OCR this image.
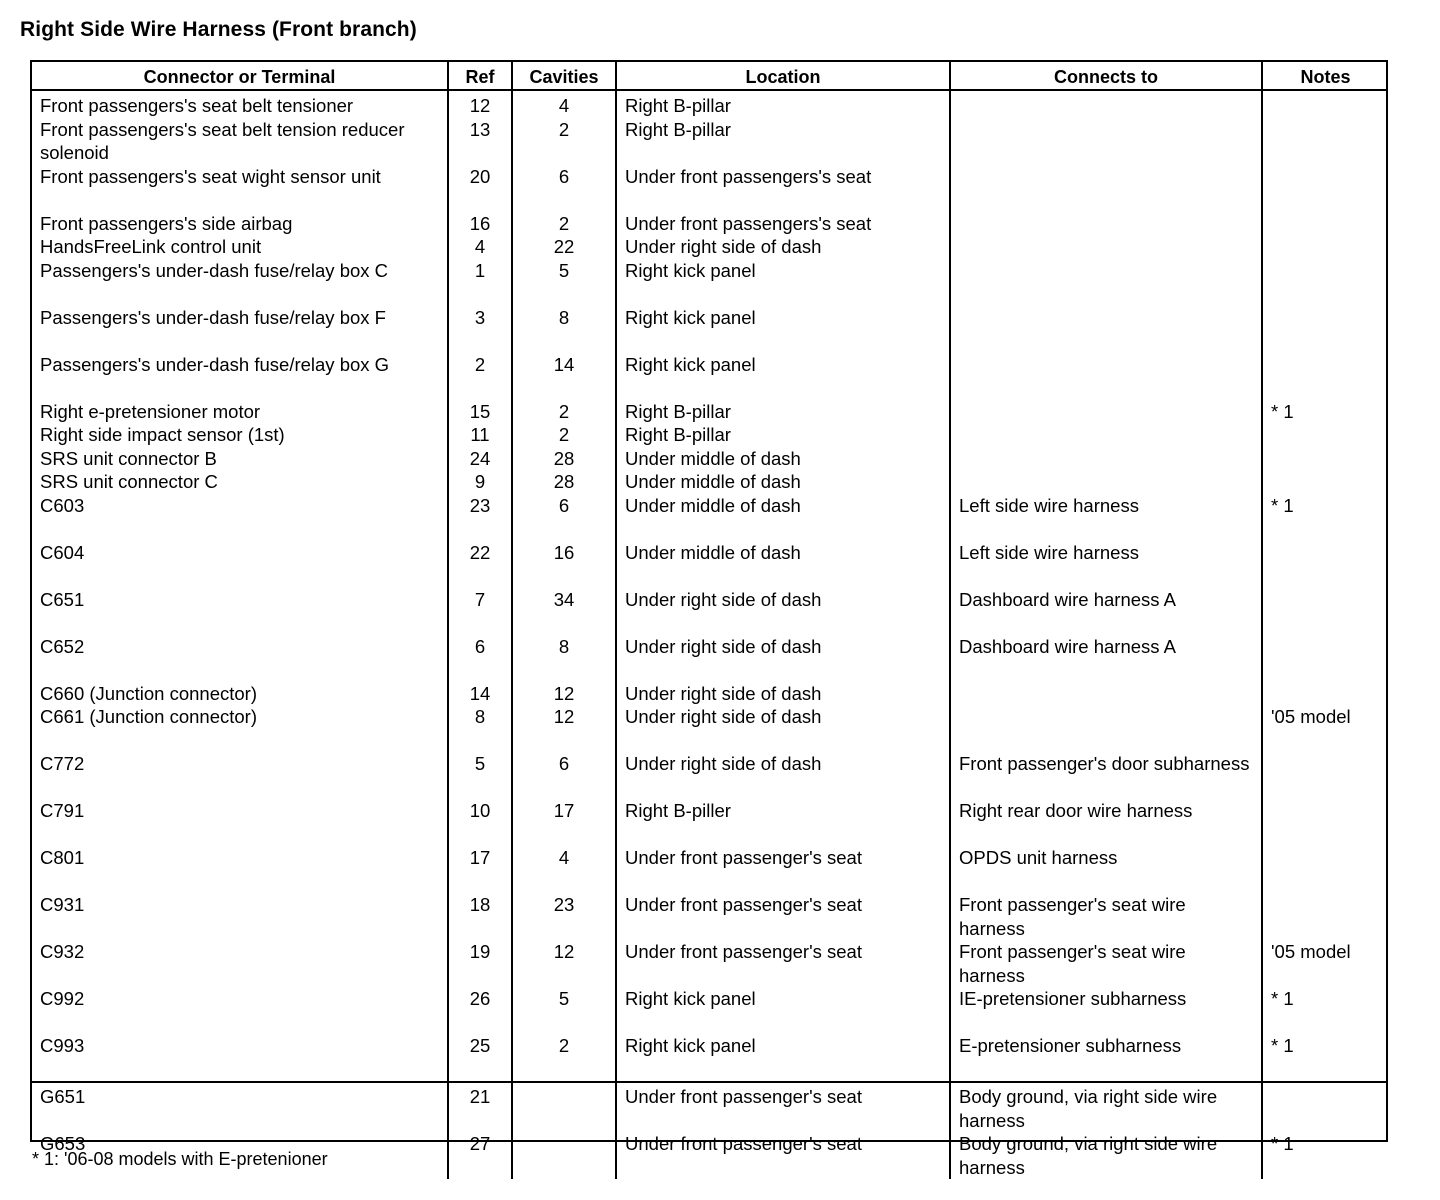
Right Side Wire Harness (Front branch)
Connector or Terminal	Ref	Cavities	Location	Connects to	Notes
Front passengers's seat belt tensioner	12	4	Right B-pillar		
Front passengers's seat belt tension reducer solenoid	13	2	Right B-pillar		
Front passengers's seat wight sensor unit	20	6	Under front passengers's seat		
Front passengers's side airbag	16	2	Under front passengers's seat		
HandsFreeLink control unit	4	22	Under right side of dash		
Passengers's under-dash fuse/relay box C	1	5	Right kick panel		
Passengers's under-dash fuse/relay box F	3	8	Right kick panel		
Passengers's under-dash fuse/relay box G	2	14	Right kick panel		
Right e-pretensioner motor	15	2	Right B-pillar		* 1
Right side impact sensor (1st)	11	2	Right B-pillar		
SRS unit connector B	24	28	Under middle of dash		
SRS unit connector C	9	28	Under middle of dash		
C603	23	6	Under middle of dash	Left side wire harness	* 1
C604	22	16	Under middle of dash	Left side wire harness	
C651	7	34	Under right side of dash	Dashboard wire harness A	
C652	6	8	Under right side of dash	Dashboard wire harness A	
C660 (Junction connector)	14	12	Under right side of dash		
C661 (Junction connector)	8	12	Under right side of dash		'05 model
C772	5	6	Under right side of dash	Front passenger's door subharness	
C791	10	17	Right B-piller	Right rear door wire harness	
C801	17	4	Under front passenger's seat	OPDS unit harness	
C931	18	23	Under front passenger's seat	Front passenger's seat wire harness	
C932	19	12	Under front passenger's seat	Front passenger's seat wire harness	'05 model
C992	26	5	Right kick panel	IE-pretensioner subharness	* 1
C993	25	2	Right kick panel	E-pretensioner subharness	* 1
G651	21		Under front passenger's seat	Body ground, via right side wire harness	
G653	27		Under front passenger's seat	Body ground, via right side wire harness	* 1

* 1: '06-08 models with E-pretenioner
